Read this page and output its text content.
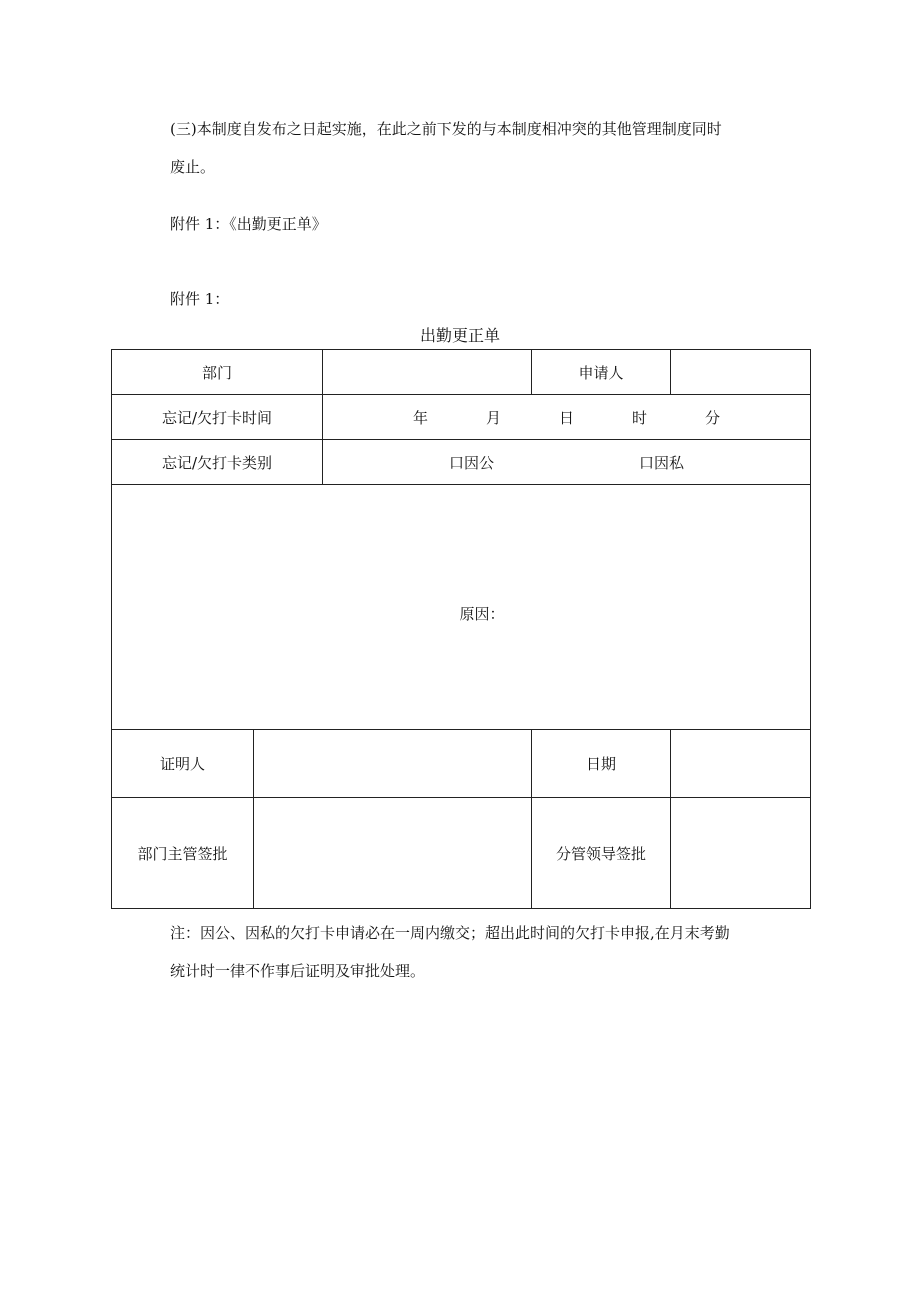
(三)本制度自发布之日起实施，在此之前下发的与本制度相冲突的其他管理制度同时
废止。

附件 1：《出勤更正单》

附件 1：

出勤更正单
部门			申请人	
忘记/欠打卡时间		年 月 日 时 分		
忘记/欠打卡类别		口因公 口因私		
原因：				
证明人			日期	
部门主管签批			分管领导签批	

注：因公、因私的欠打卡申请必在一周内缴交；超出此时间的欠打卡申报,在月末考勤
统计时一律不作事后证明及审批处理。
